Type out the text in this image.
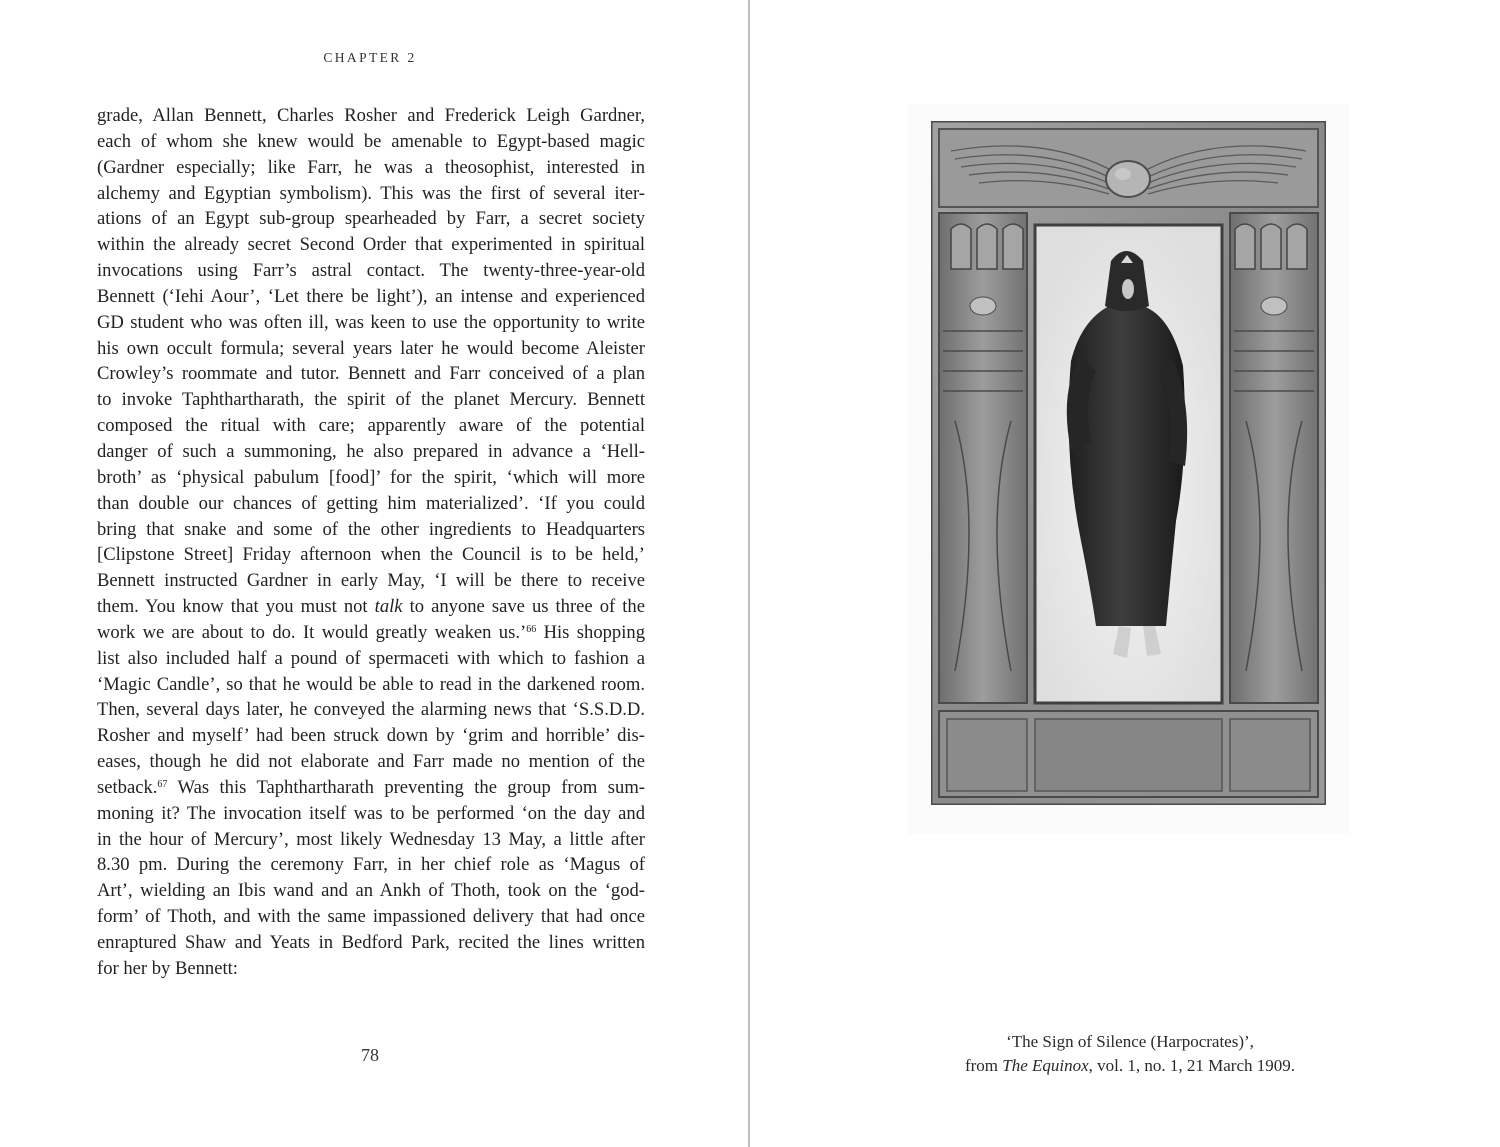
CHAPTER 2
grade, Allan Bennett, Charles Rosher and Frederick Leigh Gardner,
each of whom she knew would be amenable to Egypt-based magic
(Gardner especially; like Farr, he was a theosophist, interested in
alchemy and Egyptian symbolism). This was the first of several iter-
ations of an Egypt sub-group spearheaded by Farr, a secret society
within the already secret Second Order that experimented in spiritual
invocations using Farr’s astral contact. The twenty-three-year-old
Bennett (‘Iehi Aour’, ‘Let there be light’), an intense and experienced
GD student who was often ill, was keen to use the opportunity to write
his own occult formula; several years later he would become Aleister
Crowley’s roommate and tutor. Bennett and Farr conceived of a plan
to invoke Taphthartharath, the spirit of the planet Mercury. Bennett
composed the ritual with care; apparently aware of the potential
danger of such a summoning, he also prepared in advance a ‘Hell-
broth’ as ‘physical pabulum [food]’ for the spirit, ‘which will more
than double our chances of getting him materialized’. ‘If you could
bring that snake and some of the other ingredients to Headquarters
[Clipstone Street] Friday afternoon when the Council is to be held,’
Bennett instructed Gardner in early May, ‘I will be there to receive
them. You know that you must not talk to anyone save us three of the
work we are about to do. It would greatly weaken us.’$^{66}$ His shopping
list also included half a pound of spermaceti with which to fashion a
‘Magic Candle’, so that he would be able to read in the darkened room.
Then, several days later, he conveyed the alarming news that ‘S.S.D.D.
Rosher and myself’ had been struck down by ‘grim and horrible’ dis-
eases, though he did not elaborate and Farr made no mention of the
setback.$^{67}$ Was this Taphthartharath preventing the group from sum-
moning it? The invocation itself was to be performed ‘on the day and
in the hour of Mercury’, most likely Wednesday 13 May, a little after
8.30 pm. During the ceremony Farr, in her chief role as ‘Magus of
Art’, wielding an Ibis wand and an Ankh of Thoth, took on the ‘god-
form’ of Thoth, and with the same impassioned delivery that had once
enraptured Shaw and Yeats in Bedford Park, recited the lines written
for her by Bennett:
78
‘The Sign of Silence (Harpocrates)’,
from The Equinox, vol. 1, no. 1, 21 March 1909.
